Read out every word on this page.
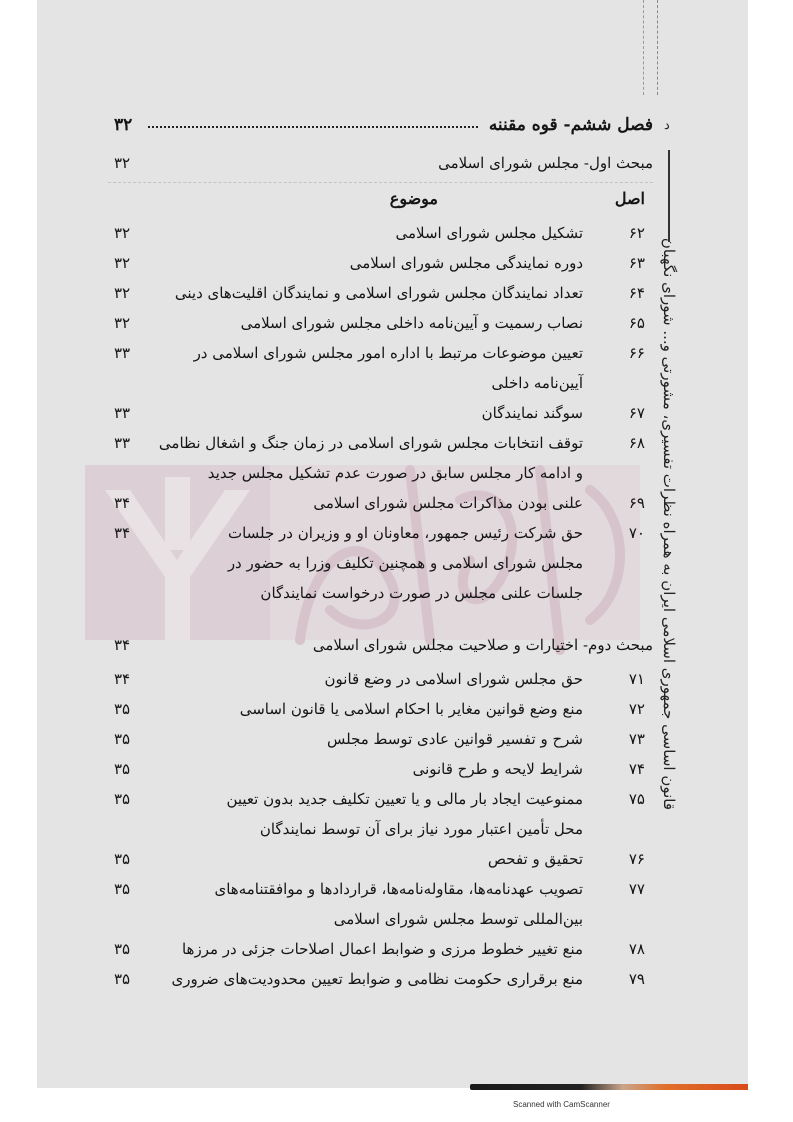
د
قانون اساسی جمهوری اسلامی ایران به همراه نظرات تفسیری، مشورتی و... شورای نگهبان
فصل ششم- قوه مقننه
۳۲
مبحث اول- مجلس شورای اسلامی
۳۲
اصل
موضوع
۶۲
تشکیل مجلس شورای اسلامی
۳۲
۶۳
دوره نمایندگی مجلس شورای اسلامی
۳۲
۶۴
تعداد نمایندگان مجلس شورای اسلامی و نمایندگان اقلیت‌های دینی
۳۲
۶۵
نصاب رسمیت و آیین‌نامه داخلی مجلس شورای اسلامی
۳۲
۶۶
تعیین موضوعات مرتبط با اداره امور مجلس شورای اسلامی در
آیین‌نامه داخلی
۳۳
۶۷
سوگند نمایندگان
۳۳
۶۸
توقف انتخابات مجلس شورای اسلامی در زمان جنگ و اشغال نظامی
و ادامه کار مجلس سابق در صورت عدم تشکیل مجلس جدید
۳۳
۶۹
علنی بودن مذاکرات مجلس شورای اسلامی
۳۴
۷۰
حق شرکت رئیس جمهور، معاونان او و وزیران در جلسات
مجلس شورای اسلامی و همچنین تکلیف وزرا به حضور در
جلسات علنی مجلس در صورت درخواست نمایندگان
۳۴
مبحث دوم- اختیارات و صلاحیت مجلس شورای اسلامی
۳۴
۷۱
حق مجلس شورای اسلامی در وضع قانون
۳۴
۷۲
منع وضع قوانین مغایر با احکام اسلامی یا قانون اساسی
۳۵
۷۳
شرح و تفسیر قوانین عادی توسط مجلس
۳۵
۷۴
شرایط لایحه و طرح قانونی
۳۵
۷۵
ممنوعیت ایجاد بار مالی و یا تعیین تکلیف جدید بدون تعیین
محل تأمین اعتبار مورد نیاز برای آن توسط نمایندگان
۳۵
۷۶
تحقیق و تفحص
۳۵
۷۷
تصویب عهدنامه‌ها، مقاوله‌نامه‌ها، قراردادها و موافقتنامه‌های
بین‌المللی توسط مجلس شورای اسلامی
۳۵
۷۸
منع تغییر خطوط مرزی و ضوابط اعمال اصلاحات جزئی در مرزها
۳۵
۷۹
منع برقراری حکومت نظامی و ضوابط تعیین محدودیت‌های ضروری
۳۵
Scanned with CamScanner
